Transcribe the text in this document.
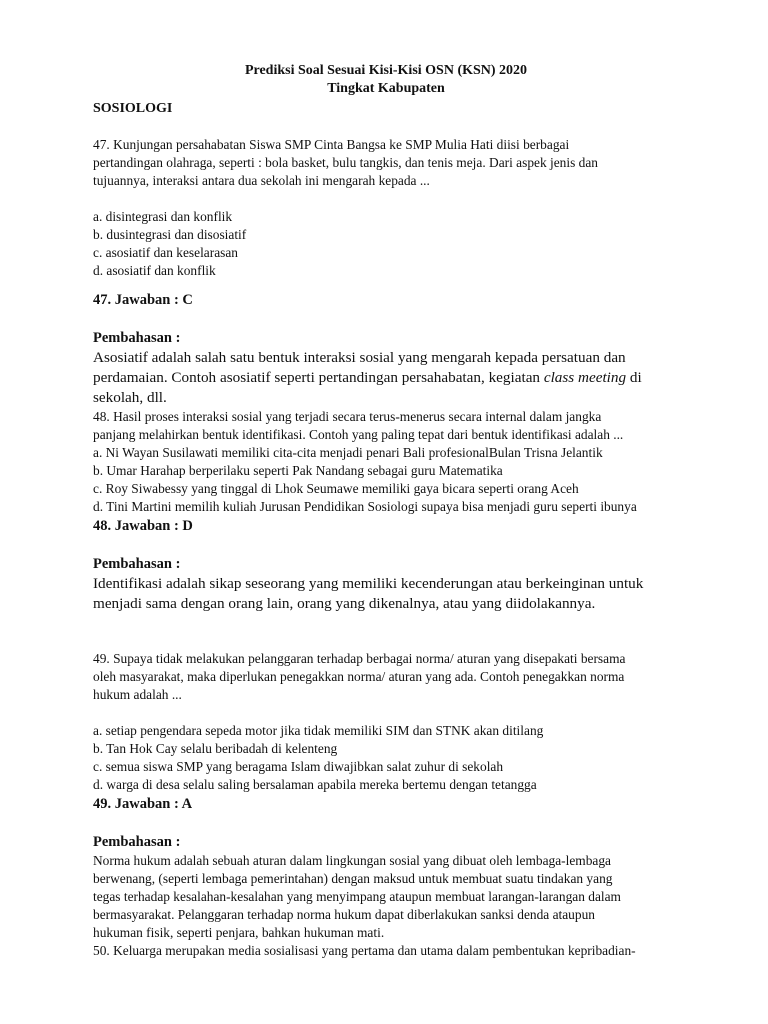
Prediksi Soal Sesuai Kisi-Kisi OSN (KSN) 2020
Tingkat Kabupaten
SOSIOLOGI

47. Kunjungan persahabatan Siswa SMP Cinta Bangsa ke SMP Mulia Hati diisi berbagai

pertandingan olahraga, seperti : bola basket, bulu tangkis, dan tenis meja. Dari aspek jenis dan

tujuannya, interaksi antara dua sekolah ini mengarah kepada ...

a. disintegrasi dan konflik
b. dusintegrasi dan disosiatif
c. asosiatif dan keselarasan
d. asosiatif dan konflik
47. Jawaban : C
Pembahasan :

Asosiatif adalah salah satu bentuk interaksi sosial yang mengarah kepada persatuan dan

perdamaian. Contoh asosiatif seperti pertandingan persahabatan, kegiatan class meeting di

sekolah, dll.

48. Hasil proses interaksi sosial yang terjadi secara terus-menerus secara internal dalam jangka

panjang melahirkan bentuk identifikasi. Contoh yang paling tepat dari bentuk identifikasi adalah ...

a. Ni Wayan Susilawati memiliki cita-cita menjadi penari Bali profesionalBulan Trisna Jelantik
b. Umar Harahap berperilaku seperti Pak Nandang sebagai guru Matematika
c. Roy Siwabessy yang tinggal di Lhok Seumawe memiliki gaya bicara seperti orang Aceh
d. Tini Martini memilih kuliah Jurusan Pendidikan Sosiologi supaya bisa menjadi guru seperti ibunya
48. Jawaban : D
Pembahasan :

Identifikasi adalah sikap seseorang yang memiliki kecenderungan atau berkeinginan untuk

menjadi sama dengan orang lain, orang yang dikenalnya, atau yang diidolakannya.

49. Supaya tidak melakukan pelanggaran terhadap berbagai norma/ aturan yang disepakati bersama

oleh masyarakat, maka diperlukan penegakkan norma/ aturan yang ada. Contoh penegakkan norma

hukum adalah ...

a. setiap pengendara sepeda motor jika tidak memiliki SIM dan STNK akan ditilang
b. Tan Hok Cay selalu beribadah di kelenteng
c. semua siswa SMP yang beragama Islam diwajibkan salat zuhur di sekolah
d. warga di desa selalu saling bersalaman apabila mereka bertemu dengan tetangga
49. Jawaban : A
Pembahasan :

Norma hukum adalah sebuah aturan dalam lingkungan sosial yang dibuat oleh lembaga-lembaga

berwenang, (seperti lembaga pemerintahan) dengan maksud untuk membuat suatu tindakan yang

tegas terhadap kesalahan-kesalahan yang menyimpang ataupun membuat larangan-larangan dalam

bermasyarakat. Pelanggaran terhadap norma hukum dapat diberlakukan sanksi denda ataupun

hukuman fisik, seperti penjara, bahkan hukuman mati.

50. Keluarga merupakan media sosialisasi yang pertama dan utama dalam pembentukan kepribadian-
